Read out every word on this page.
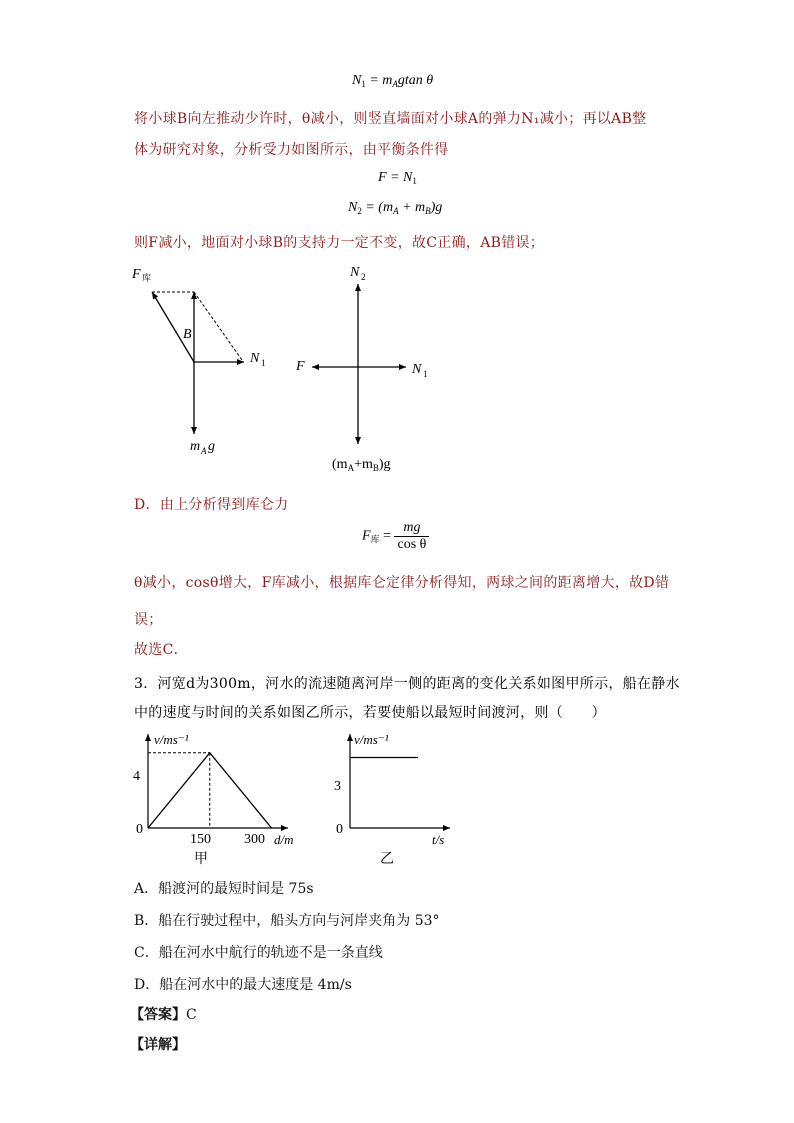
$N_1 = m_Agtan$ θ
将小球B向左推动少许时，θ减小，则竖直墙面对小球A的弹力N₁减小；再以AB整
体为研究对象，分析受力如图所示，由平衡条件得
$F = N_1$
$N_2 = (m_A + m_B)g$
则F减小，地面对小球B的支持力一定不变，故C正确，AB错误；
F 库
B
N 1
m A g
N 2
F	N 1
$(m_A+m_B)g$
D．由上分析得到库仑力
$F_库 = \frac{mg}{\text{cos θ}}$
θ减小，cosθ增大，F库减小，根据库仑定律分析得知，两球之间的距离增大，故D错
误；
故选C．
3．河宽d为300m，河水的流速随离河岸一侧的距离的变化关系如图甲所示，船在静水
中的速度与时间的关系如图乙所示，若要使船以最短时间渡河，则（　　）
v/ms⁻¹
d/m
0
4
150 300
甲
v/ms⁻¹
t/s
0
3
乙
A．船渡河的最短时间是 75s
B．船在行驶过程中，船头方向与河岸夹角为 53°
C．船在河水中航行的轨迹不是一条直线
D．船在河水中的最大速度是 4m/s
【答案】C
【详解】
